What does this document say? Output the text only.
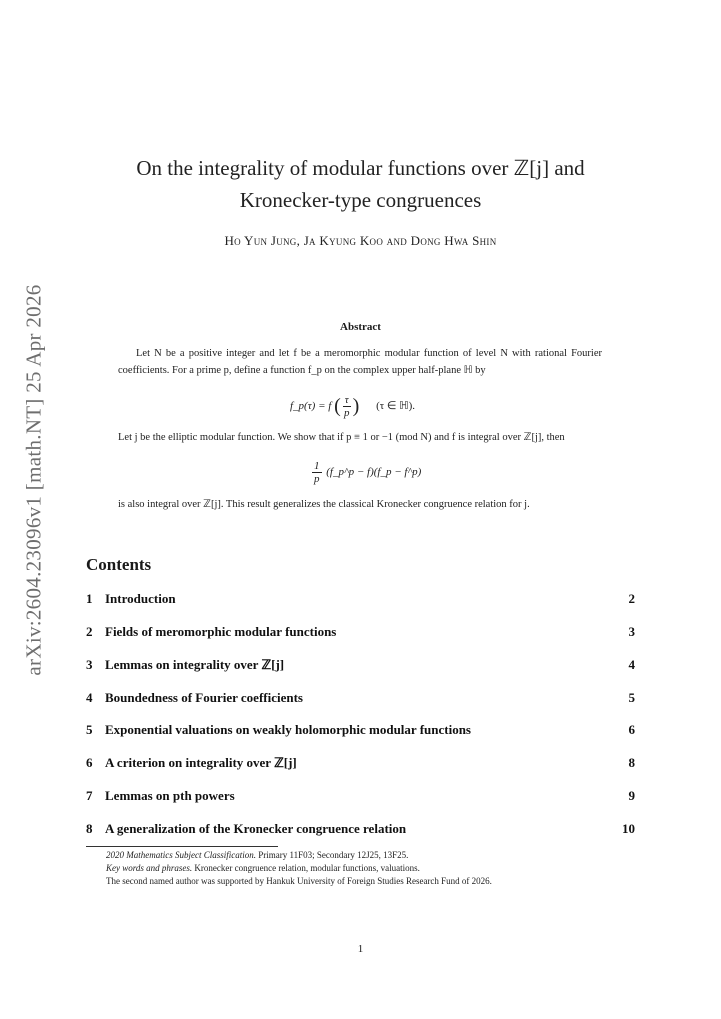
arXiv:2604.23096v1 [math.NT] 25 Apr 2026
On the integrality of modular functions over ℤ[j] and
Kronecker-type congruences
Ho Yun Jung, Ja Kyung Koo and Dong Hwa Shin
Abstract
Let N be a positive integer and let f be a meromorphic modular function of level N with rational Fourier coefficients. For a prime p, define a function f_p on the complex upper half-plane ℍ by
f_p(τ) = f ( $\frac{\tau}{p}$ ) (τ ∈ ℍ).
Let j be the elliptic modular function. We show that if p ≡ 1 or −1 (mod N) and f is integral over ℤ[j], then
$\frac{1}{p}$ (f_p^p − f)(f_p − f^p)
is also integral over ℤ[j]. This result generalizes the classical Kronecker congruence relation for j.
Contents
1 Introduction	2
2 Fields of meromorphic modular functions	3
3 Lemmas on integrality over ℤ[j]	4
4 Boundedness of Fourier coefficients	5
5 Exponential valuations on weakly holomorphic modular functions	6
6 A criterion on integrality over ℤ[j]	8
7 Lemmas on pth powers	9
8 A generalization of the Kronecker congruence relation	10
2020 Mathematics Subject Classification. Primary 11F03; Secondary 12J25, 13F25.
Key words and phrases. Kronecker congruence relation, modular functions, valuations.
The second named author was supported by Hankuk University of Foreign Studies Research Fund of 2026.
1
